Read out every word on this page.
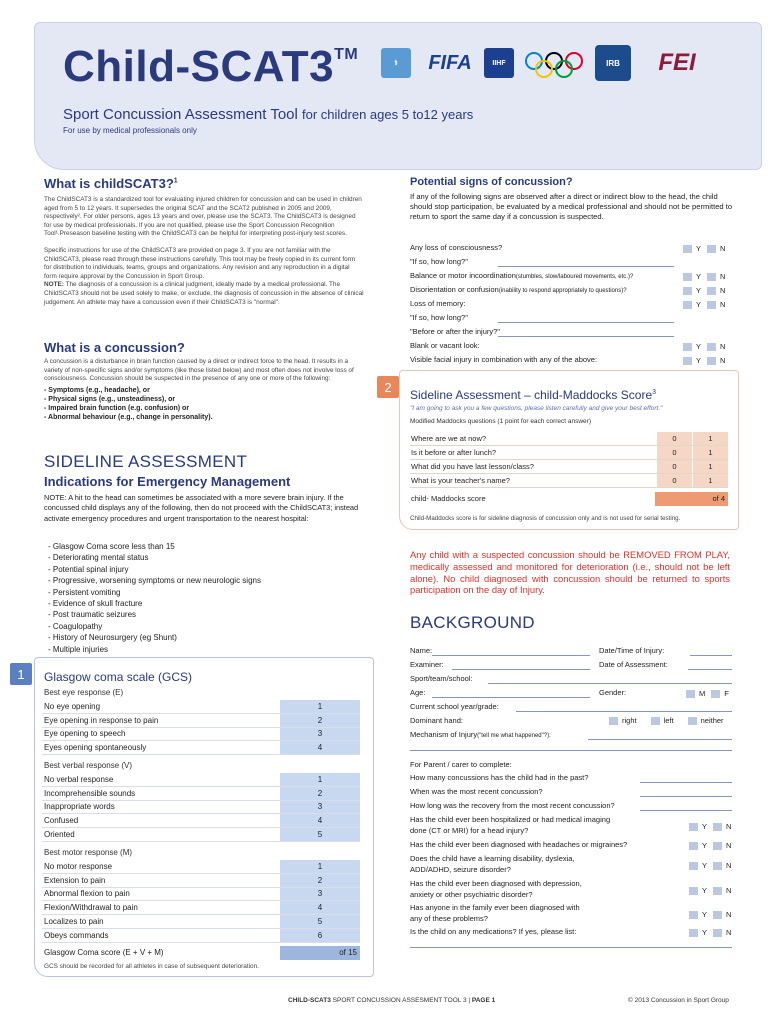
Child-SCAT3™
Sport Concussion Assessment Tool for children ages 5 to12 years
For use by medical professionals only
⚕	FIFA	IIHF	IRB	FEI
What is childSCAT3?$^1$

The ChildSCAT3 is a standardized tool for evaluating injured children for concussion and can be used in children aged from 5 to 12 years. It supersedes the original SCAT and the SCAT2 published in 2005 and 2009, respectively². For older persons, ages 13 years and over, please use the SCAT3. The ChildSCAT3 is designed for use by medical professionals. If you are not qualified, please use the Sport Concussion Recognition Tool¹.Preseason baseline testing with the ChildSCAT3 can be helpful for interpreting post-injury test scores.

Specific instructions for use of the ChildSCAT3 are provided on page 3. If you are not familiar with the ChildSCAT3, please read through these instructions carefully. This tool may be freely copied in its current form for distribution to individuals, teams, groups and organizations. Any revision and any reproduction in a digital form require approval by the Concussion in Sport Group.

NOTE: The diagnosis of a concussion is a clinical judgment, ideally made by a medical professional. The ChildSCAT3 should not be used solely to make, or exclude, the diagnosis of concussion in the absence of clinical judgement. An athlete may have a concussion even if their ChildSCAT3 is "normal".

What is a concussion?

A concussion is a disturbance in brain function caused by a direct or indirect force to the head. It results in a variety of non-specific signs and/or symptoms (like those listed below) and most often does not involve loss of consciousness. Concussion should be suspected in the presence of any one or more of the following:

- Symptoms (e.g., headache), or
- Physical signs (e.g., unsteadiness), or
- Impaired brain function (e.g. confusion) or
- Abnormal behaviour (e.g., change in personality).
SIDELINE ASSESSMENT
Indications for Emergency Management
NOTE: A hit to the head can sometimes be associated with a more severe brain injury. If the concussed child displays any of the following, then do not proceed with the ChildSCAT3; instead activate emergency procedures and urgent transportation to the nearest hospital:
- Glasgow Coma score less than 15
- Deteriorating mental status
- Potential spinal injury
- Progressive, worsening symptoms or new neurologic signs
- Persistent vomiting
- Evidence of skull fracture
- Post traumatic seizures
- Coagulopathy
- History of Neurosurgery (eg Shunt)
- Multiple injuries
1	Glasgow coma scale (GCS)
Best eye response (E)
Best verbal response (V)
Best motor response (M)
Glasgow Coma score (E + V + M)	of 15
GCS should be recorded for all athletes in case of subsequent deterioration.
No eye opening	1
Eye opening in response to pain	2
Eye opening to speech	3
Eyes opening spontaneously	4
No verbal response	1
Incomprehensible sounds	2
Inappropriate words	3
Confused	4
Oriented	5
No motor response	1
Extension to pain	2
Abnormal flexion to pain	3
Flexion/Withdrawal to pain	4
Localizes to pain	5
Obeys commands	6
Potential signs of concussion?

If any of the following signs are observed after a direct or indirect blow to the head, the child should stop participation, be evaluated by a medical professional and should not be permitted to return to sport the same day if a concussion is suspected.

Any loss of consciousness?	Y	N
"If so, how long?"
Balance or motor incoordination(stumbles, slow/laboured movements, etc.)?	Y	N
Disorientation or confusion(inability to respond appropriately to questions)?	Y	N
Loss of memory:	Y	N
"If so, how long?"
"Before or after the injury?"
Blank or vacant look:	Y	N
Visible facial injury in combination with any of the above:	Y	N
2
Sideline Assessment – child-Maddocks Score$^3$
"I am going to ask you a few questions, please listen carefully and give your best effort."
Modified Maddocks questions (1 point for each correct answer)
Where are we at now?	0	1
Is it before or after lunch?	0	1
What did you have last lesson/class?	0	1
What is your teacher's name?	0	1
child- Maddocks score	of 4
Child-Maddocks score is for sideline diagnosis of concussion only and is not used for serial testing.
Any child with a suspected concussion should be REMOVED FROM PLAY, medically assessed and monitored for deterioration (i.e., should not be left alone). No child diagnosed with concussion should be returned to sports participation on the day of Injury.
BACKGROUND
Name:	Date/Time of Injury:
Examiner:	Date of Assessment:
Sport/team/school:
Age:	Gender:	M	F
Current school year/grade:
Dominant hand:	right	left	neither
Mechanism of Injury("tell me what happened"?):
For Parent / carer to complete:
How many concussions has the child had in the past?
When was the most recent concussion?
How long was the recovery from the most recent concussion?
Has the child ever been hospitalized or had medical imaging
done (CT or MRI) for a head injury?	Y	N
Has the child ever been diagnosed with headaches or migraines?	Y	N
Does the child have a learning disability, dyslexia,
ADD/ADHD, seizure disorder?	Y	N
Has the child ever been diagnosed with depression,
anxiety or other psychiatric disorder?	Y	N
Has anyone in the family ever been diagnosed with
any of these problems?	Y	N
Is the child on any medications? If yes, please list:	Y	N
CHILD-SCAT3 SPORT CONCUSSION ASSESMENT TOOL 3 | PAGE 1	© 2013 Concussion in Sport Group
